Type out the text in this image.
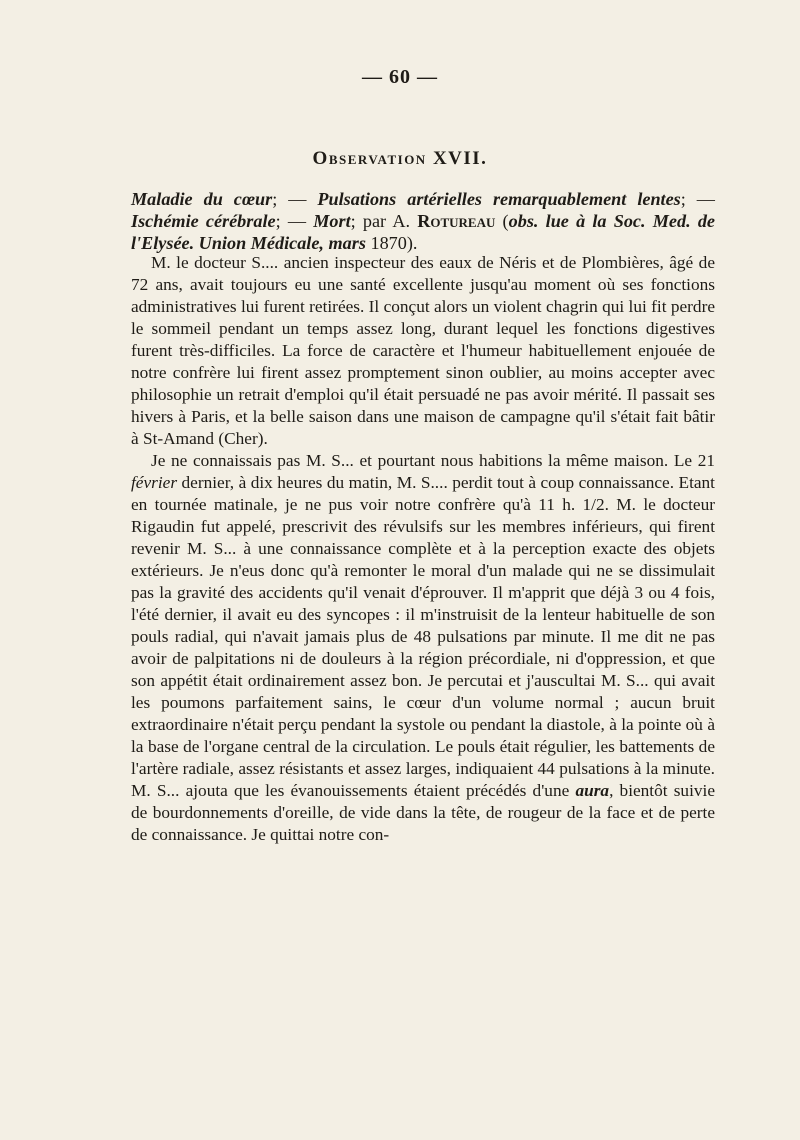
— 60 —
Observation XVII.
Maladie du cœur; — Pulsations artérielles remarquablement lentes; — Ischémie cérébrale; — Mort; par A. Rotureau (obs. lue à la Soc. Med. de l'Elysée. Union Médicale, mars 1870).

M. le docteur S.... ancien inspecteur des eaux de Néris et de Plombières, âgé de 72 ans, avait toujours eu une santé excellente jusqu'au moment où ses fonctions administratives lui furent retirées. Il conçut alors un violent chagrin qui lui fit perdre le sommeil pendant un temps assez long, durant lequel les fonctions digestives furent très-difficiles. La force de caractère et l'humeur habituellement enjouée de notre confrère lui firent assez promptement sinon oublier, au moins accepter avec philosophie un retrait d'emploi qu'il était persuadé ne pas avoir mérité. Il passait ses hivers à Paris, et la belle saison dans une maison de campagne qu'il s'était fait bâtir à St-Amand (Cher).

Je ne connaissais pas M. S... et pourtant nous habitions la même maison. Le 21 février dernier, à dix heures du matin, M. S.... perdit tout à coup connaissance. Etant en tournée matinale, je ne pus voir notre confrère qu'à 11 h. 1/2. M. le docteur Rigaudin fut appelé, prescrivit des révulsifs sur les membres inférieurs, qui firent revenir M. S... à une connaissance complète et à la perception exacte des objets extérieurs. Je n'eus donc qu'à remonter le moral d'un malade qui ne se dissimulait pas la gravité des accidents qu'il venait d'éprouver. Il m'apprit que déjà 3 ou 4 fois, l'été dernier, il avait eu des syncopes : il m'instruisit de la lenteur habituelle de son pouls radial, qui n'avait jamais plus de 48 pulsations par minute. Il me dit ne pas avoir de palpitations ni de douleurs à la région précordiale, ni d'oppression, et que son appétit était ordinairement assez bon. Je percutai et j'auscultai M. S... qui avait les poumons parfaitement sains, le cœur d'un volume normal ; aucun bruit extraordinaire n'était perçu pendant la systole ou pendant la diastole, à la pointe où à la base de l'organe central de la circulation. Le pouls était régulier, les battements de l'artère radiale, assez résistants et assez larges, indiquaient 44 pulsations à la minute. M. S... ajouta que les évanouissements étaient précédés d'une aura, bientôt suivie de bourdonnements d'oreille, de vide dans la tête, de rougeur de la face et de perte de connaissance. Je quittai notre con-
